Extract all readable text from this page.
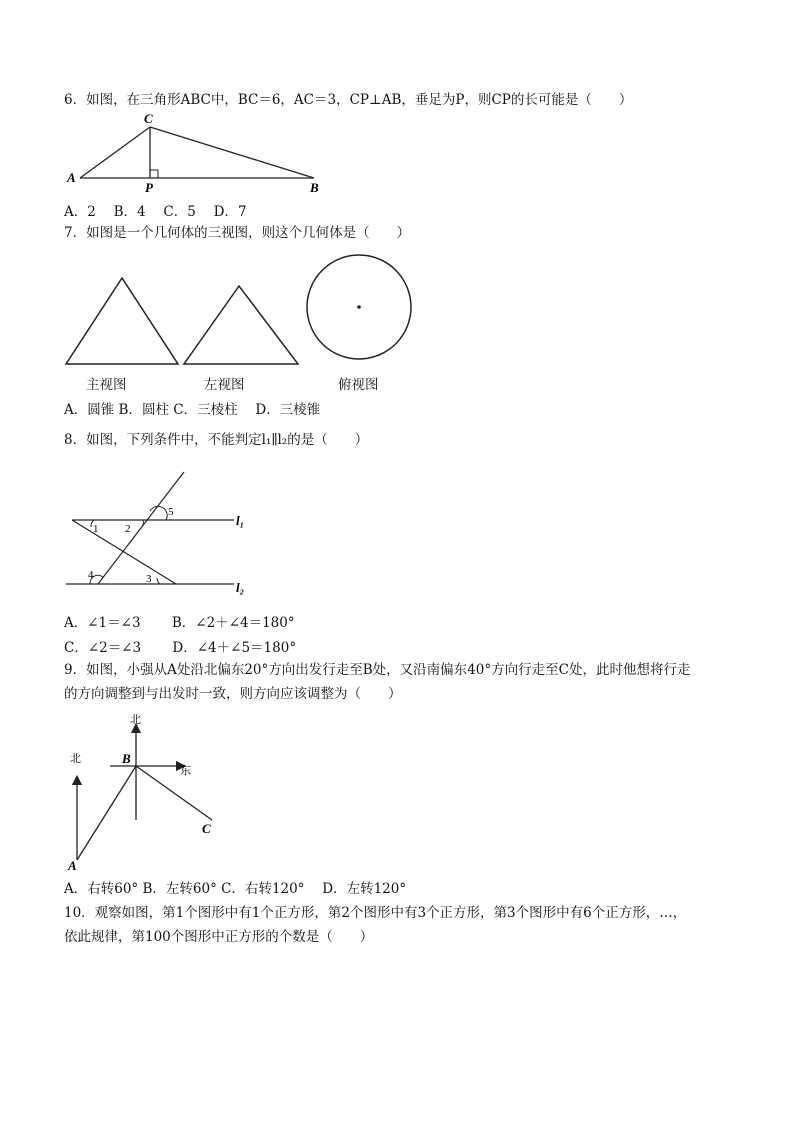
6．如图，在三角形ABC中，BC＝6，AC＝3，CP⊥AB，垂足为P，则CP的长可能是（　　）
A
C
P	B
A．2　 B．4　 C．5　 D．7
7．如图是一个几何体的三视图，则这个几何体是（　　）
主视图	左视图	俯视图
A．圆锥 B．圆柱 C．三棱柱　 D．三棱锥
8．如图，下列条件中，不能判定l₁∥l₂的是（　　）
1 2
3
4
5
l₁
l₂
A．∠1＝∠3　　 B．∠2＋∠4＝180°
C．∠2＝∠3　　 D．∠4＋∠5＝180°
9．如图，小强从A处沿北偏东20°方向出发行走至B处，又沿南偏东40°方向行走至C处，此时他想将行走
的方向调整到与出发时一致，则方向应该调整为（　　）
北
北
东
B
C
A
A．右转60° B．左转60° C．右转120°　 D．左转120°
10．观察如图，第1个图形中有1个正方形，第2个图形中有3个正方形，第3个图形中有6个正方形，…，
依此规律，第100个图形中正方形的个数是（　　）
